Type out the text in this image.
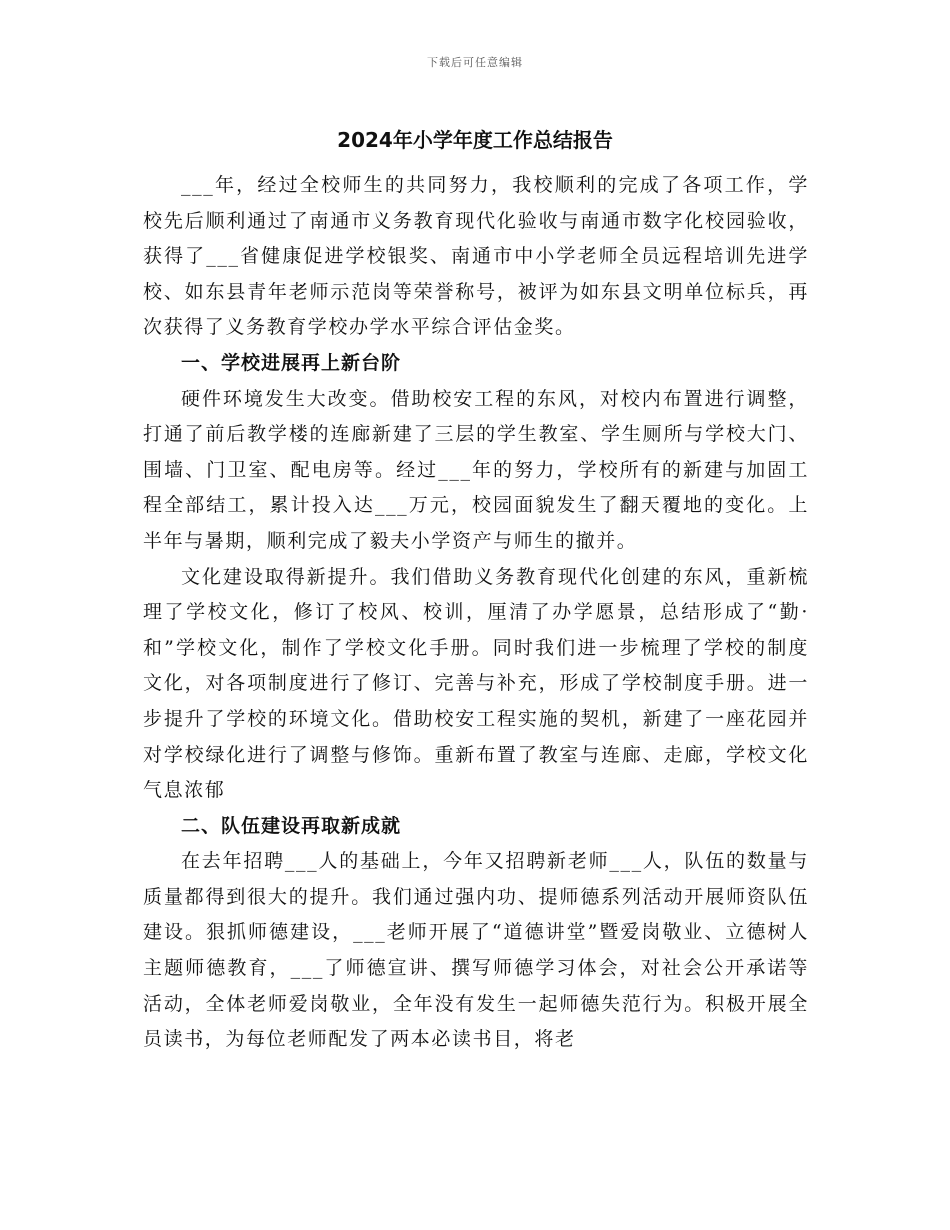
下载后可任意编辑
2024年小学年度工作总结报告

___年，经过全校师生的共同努力，我校顺利的完成了各项工作，学校先后顺利通过了南通市义务教育现代化验收与南通市数字化校园验收，获得了___省健康促进学校银奖、南通市中小学老师全员远程培训先进学校、如东县青年老师示范岗等荣誉称号，被评为如东县文明单位标兵，再次获得了义务教育学校办学水平综合评估金奖。

一、学校进展再上新台阶

硬件环境发生大改变。借助校安工程的东风，对校内布置进行调整，打通了前后教学楼的连廊新建了三层的学生教室、学生厕所与学校大门、围墙、门卫室、配电房等。经过___年的努力，学校所有的新建与加固工程全部结工，累计投入达___万元，校园面貌发生了翻天覆地的变化。上半年与暑期，顺利完成了毅夫小学资产与师生的撤并。

文化建设取得新提升。我们借助义务教育现代化创建的东风，重新梳理了学校文化，修订了校风、校训，厘清了办学愿景，总结形成了“勤·和”学校文化，制作了学校文化手册。同时我们进一步梳理了学校的制度文化，对各项制度进行了修订、完善与补充，形成了学校制度手册。进一步提升了学校的环境文化。借助校安工程实施的契机，新建了一座花园并对学校绿化进行了调整与修饰。重新布置了教室与连廊、走廊，学校文化气息浓郁

二、队伍建设再取新成就

在去年招聘___人的基础上，今年又招聘新老师___人，队伍的数量与质量都得到很大的提升。我们通过强内功、提师德系列活动开展师资队伍建设。狠抓师德建设，___老师开展了“道德讲堂”暨爱岗敬业、立德树人主题师德教育，___了师德宣讲、撰写师德学习体会，对社会公开承诺等活动，全体老师爱岗敬业，全年没有发生一起师德失范行为。积极开展全员读书，为每位老师配发了两本必读书目，将老
